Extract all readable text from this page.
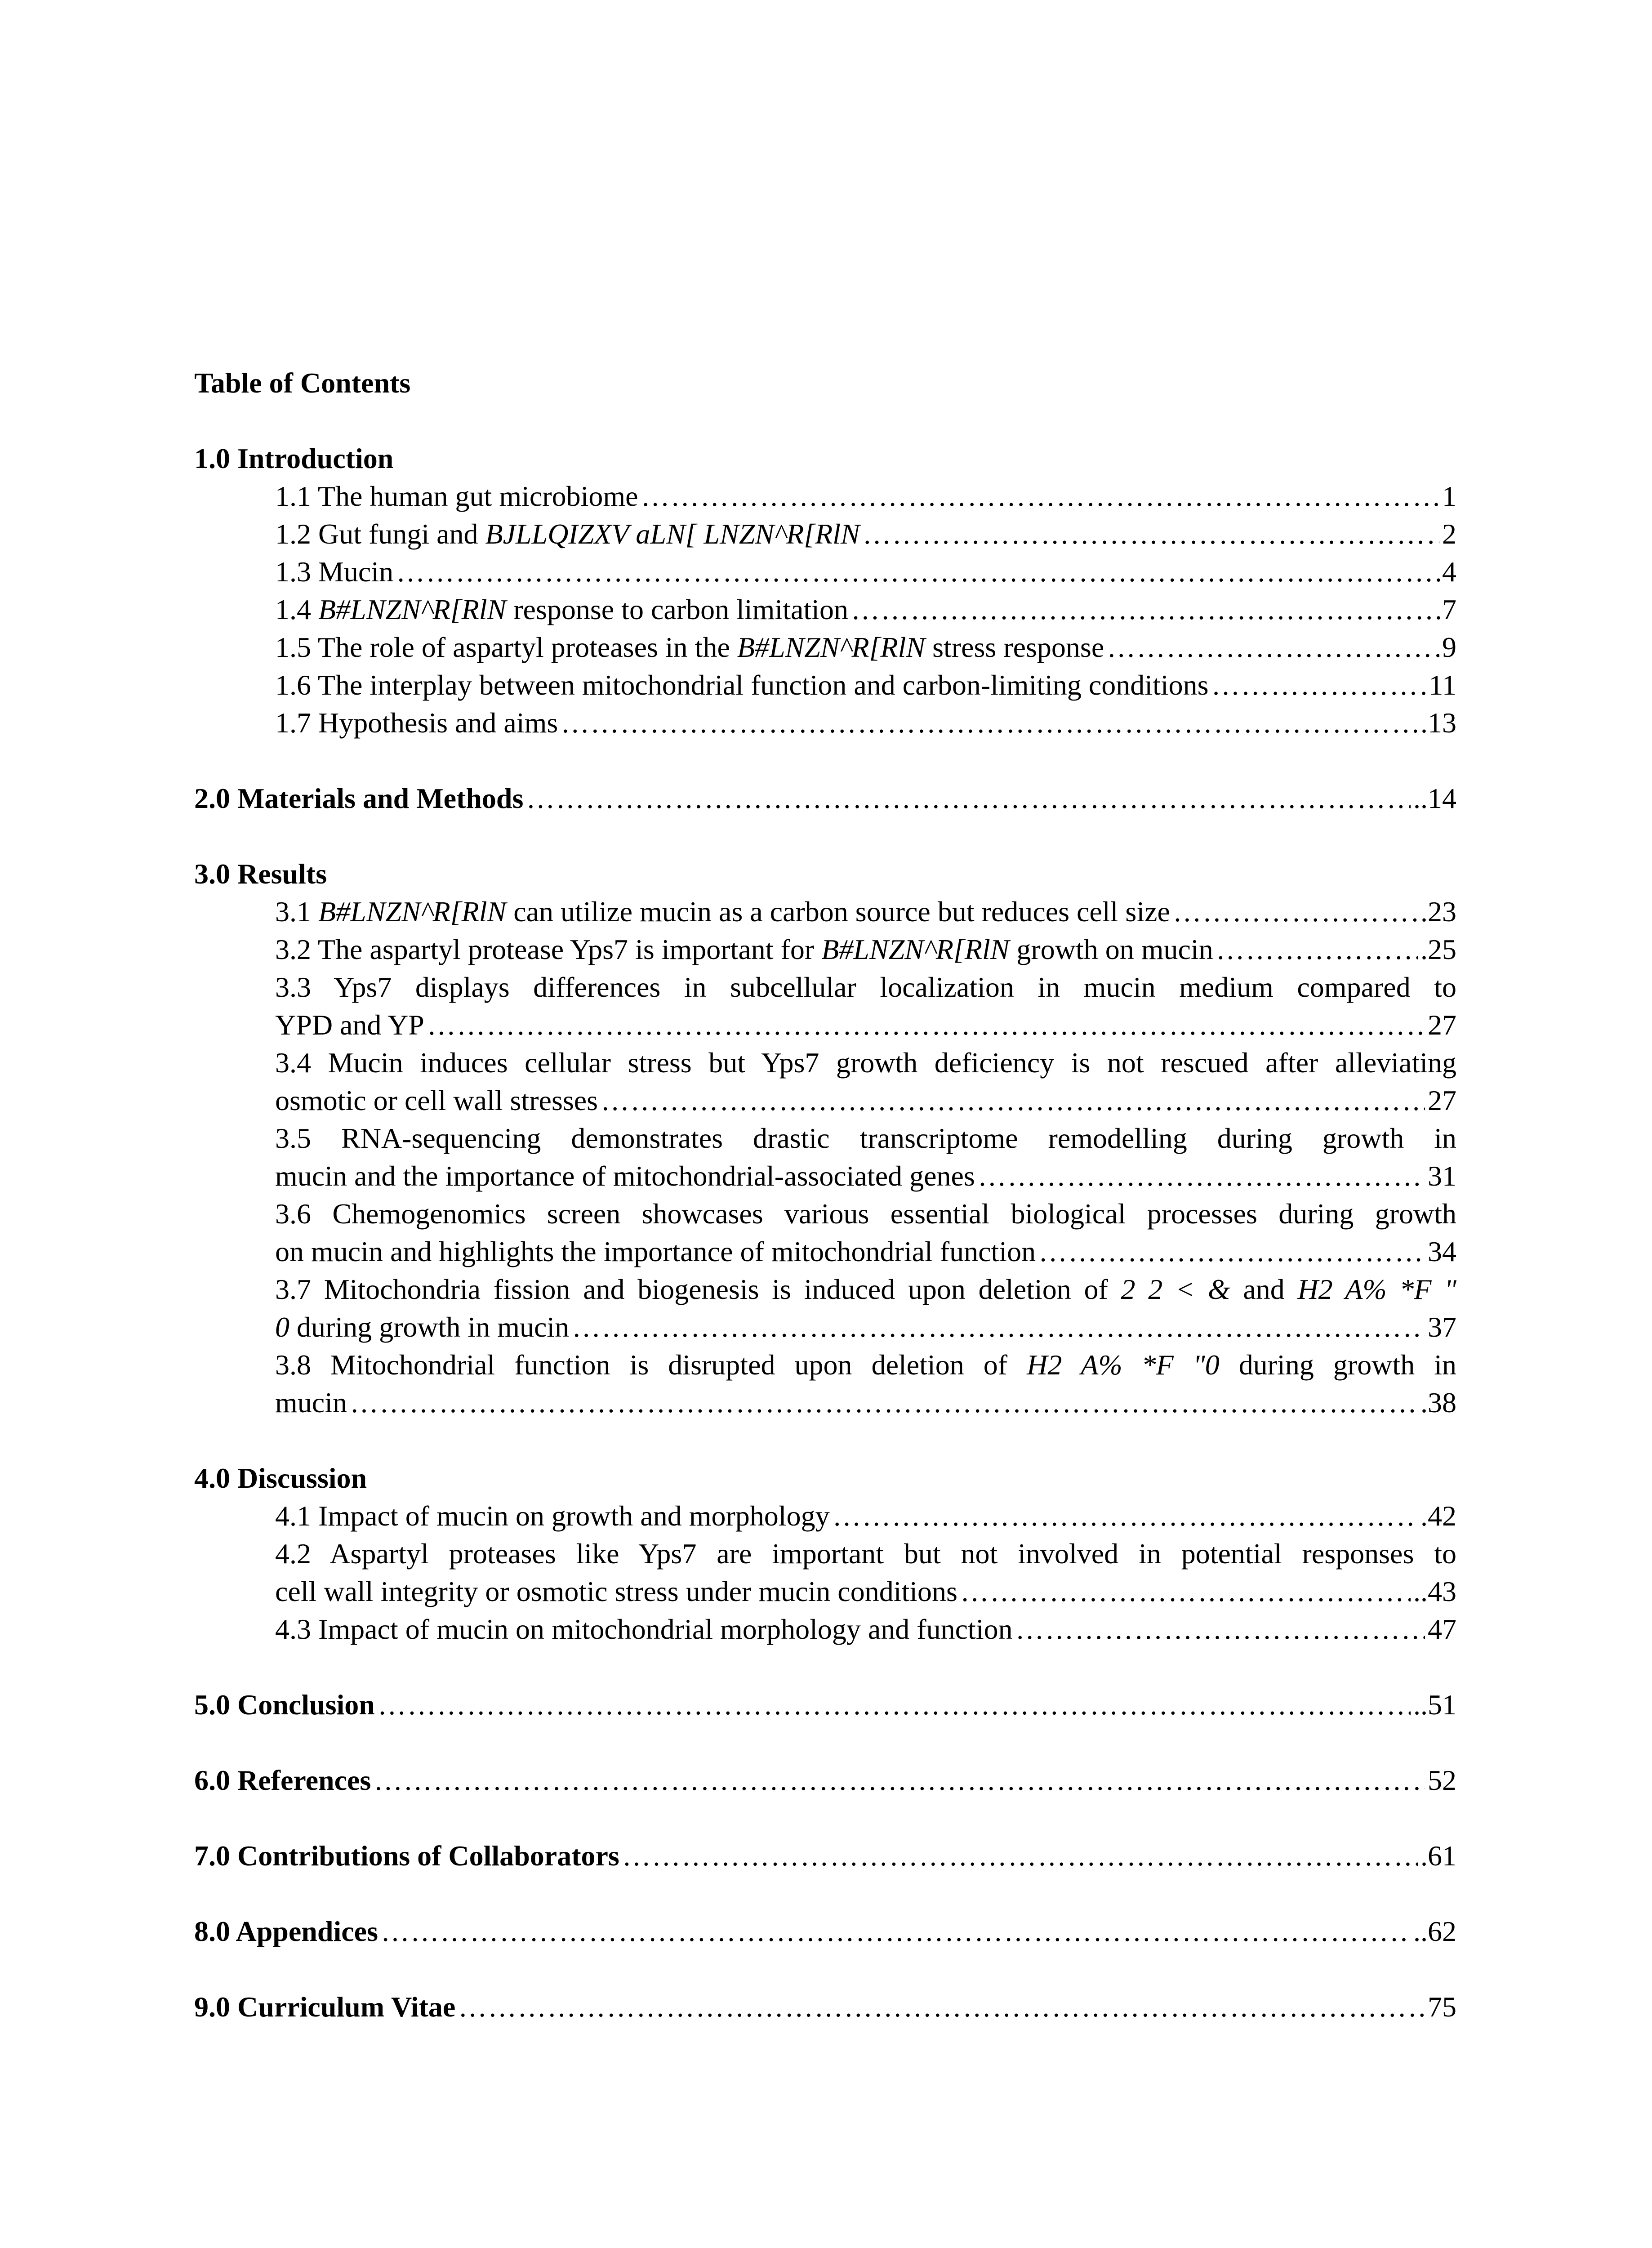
Table of Contents
1.0 Introduction
1.1 The human gut microbiome …………………………………………………………………………………………………………………………………………………………………………………………………………………………	1
1.2 Gut fungi and BJLLQIZXV aLN[ LNZN^R[RlN …………………………………………………………………………………………………………………………………………………………………………………………………………………………	2
1.3 Mucin …………………………………………………………………………………………………………………………………………………………………………………………………………………………	.4
1.4 B#LNZN^R[RlN response to carbon limitation …………………………………………………………………………………………………………………………………………………………………………………………………………………………	.7
1.5 The role of aspartyl proteases in the B#LNZN^R[RlN stress response …………………………………………………………………………………………………………………………………………………………………………………………………………………………	9
1.6 The interplay between mitochondrial function and carbon-limiting conditions …………………………………………………………………………………………………………………………………………………………………………………………………………………………	11
1.7 Hypothesis and aims …………………………………………………………………………………………………………………………………………………………………………………………………………………………	.13
2.0 Materials and Methods …………………………………………………………………………………………………………………………………………………………………………………………………………………………	..14
3.0 Results
3.1 B#LNZN^R[RlN can utilize mucin as a carbon source but reduces cell size …………………………………………………………………………………………………………………………………………………………………………………………………………………………	.23
3.2 The aspartyl protease Yps7 is important for B#LNZN^R[RlN growth on mucin …………………………………………………………………………………………………………………………………………………………………………………………………………………………	.25
3.3 Yps7 displays differences in subcellular localization in mucin medium compared to
YPD and YP …………………………………………………………………………………………………………………………………………………………………………………………………………………………	27
3.4 Mucin induces cellular stress but Yps7 growth deficiency is not rescued after alleviating
osmotic or cell wall stresses …………………………………………………………………………………………………………………………………………………………………………………………………………………………	27
3.5 RNA-sequencing demonstrates drastic transcriptome remodelling during growth in
mucin and the importance of mitochondrial-associated genes …………………………………………………………………………………………………………………………………………………………………………………………………………………………	31
3.6 Chemogenomics screen showcases various essential biological processes during growth
on mucin and highlights the importance of mitochondrial function …………………………………………………………………………………………………………………………………………………………………………………………………………………………	34
3.7 Mitochondria fission and biogenesis is induced upon deletion of 2 2 < & and H2 A% *F "
0 during growth in mucin …………………………………………………………………………………………………………………………………………………………………………………………………………………………	37
3.8 Mitochondrial function is disrupted upon deletion of H2 A% *F "0 during growth in
mucin …………………………………………………………………………………………………………………………………………………………………………………………………………………………	.38
4.0 Discussion
4.1 Impact of mucin on growth and morphology …………………………………………………………………………………………………………………………………………………………………………………………………………………………	.42
4.2 Aspartyl proteases like Yps7 are important but not involved in potential responses to
cell wall integrity or osmotic stress under mucin conditions …………………………………………………………………………………………………………………………………………………………………………………………………………………………	..43
4.3 Impact of mucin on mitochondrial morphology and function …………………………………………………………………………………………………………………………………………………………………………………………………………………………	47
5.0 Conclusion …………………………………………………………………………………………………………………………………………………………………………………………………………………………	..51
6.0 References …………………………………………………………………………………………………………………………………………………………………………………………………………………………	52
7.0 Contributions of Collaborators …………………………………………………………………………………………………………………………………………………………………………………………………………………………	.61
8.0 Appendices …………………………………………………………………………………………………………………………………………………………………………………………………………………………	..62
9.0 Curriculum Vitae …………………………………………………………………………………………………………………………………………………………………………………………………………………………	75
